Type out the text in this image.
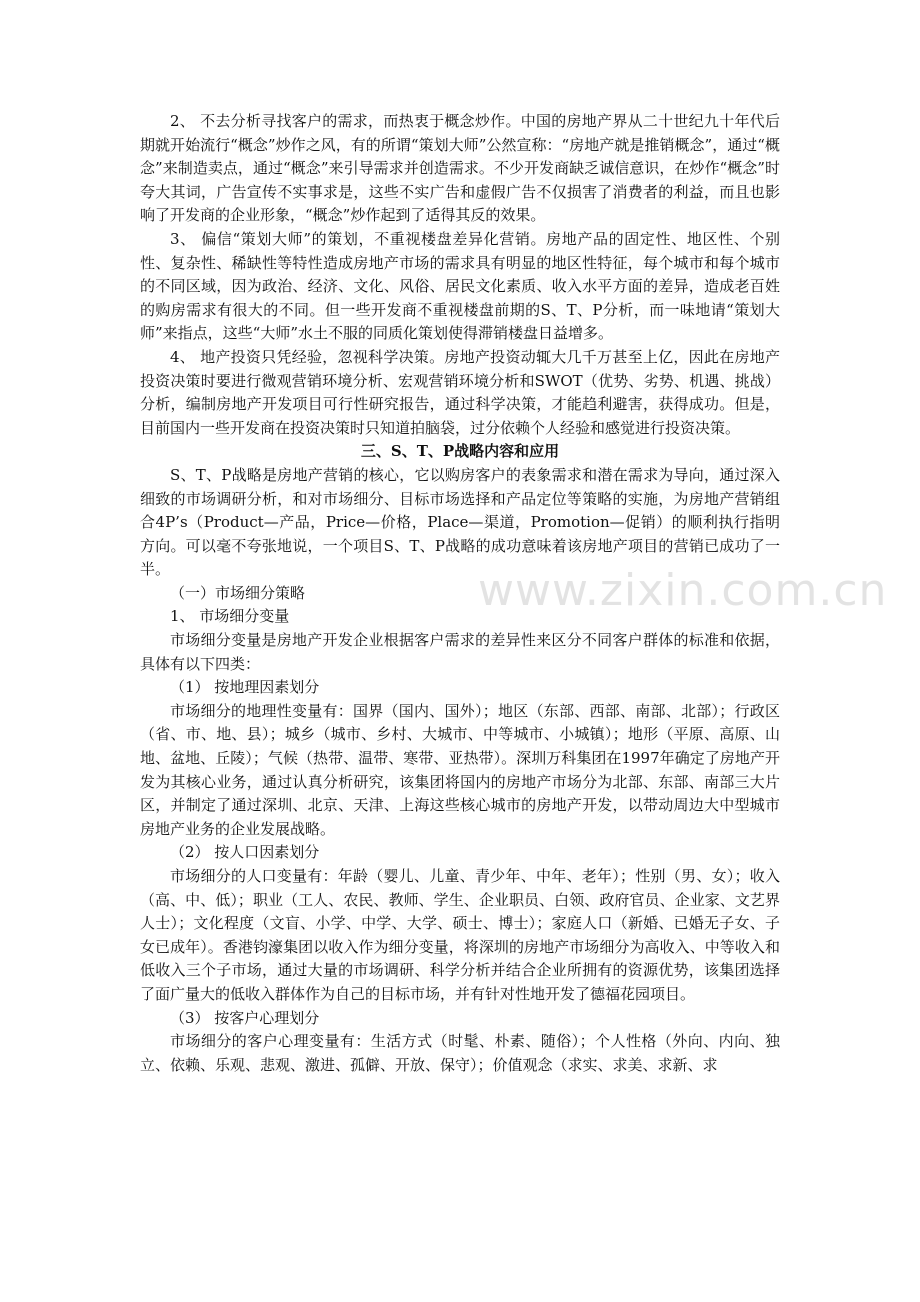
2、 不去分析寻找客户的需求，而热衷于概念炒作。中国的房地产界从二十世纪九十年代后期就开始流行“概念”炒作之风，有的所谓“策划大师”公然宣称：“房地产就是推销概念”，通过“概念”来制造卖点，通过“概念”来引导需求并创造需求。不少开发商缺乏诚信意识，在炒作“概念”时夸大其词，广告宣传不实事求是，这些不实广告和虚假广告不仅损害了消费者的利益，而且也影响了开发商的企业形象，“概念”炒作起到了适得其反的效果。

3、 偏信“策划大师”的策划，不重视楼盘差异化营销。房地产品的固定性、地区性、个别性、复杂性、稀缺性等特性造成房地产市场的需求具有明显的地区性特征，每个城市和每个城市的不同区域，因为政治、经济、文化、风俗、居民文化素质、收入水平方面的差异，造成老百姓的购房需求有很大的不同。但一些开发商不重视楼盘前期的S、T、P分析，而一味地请“策划大师”来指点，这些“大师”水土不服的同质化策划使得滞销楼盘日益增多。

4、 地产投资只凭经验，忽视科学决策。房地产投资动辄大几千万甚至上亿，因此在房地产投资决策时要进行微观营销环境分析、宏观营销环境分析和SWOT（优势、劣势、机遇、挑战）分析，编制房地产开发项目可行性研究报告，通过科学决策，才能趋利避害，获得成功。但是，目前国内一些开发商在投资决策时只知道拍脑袋，过分依赖个人经验和感觉进行投资决策。

三、S、T、P战略内容和应用

S、T、P战略是房地产营销的核心，它以购房客户的表象需求和潜在需求为导向，通过深入细致的市场调研分析，和对市场细分、目标市场选择和产品定位等策略的实施，为房地产营销组合4P’s（Product—产品，Price—价格，Place—渠道，Promotion—促销）的顺利执行指明方向。可以毫不夸张地说，一个项目S、T、P战略的成功意味着该房地产项目的营销已成功了一半。

（一）市场细分策略

1、 市场细分变量

市场细分变量是房地产开发企业根据客户需求的差异性来区分不同客户群体的标准和依据，具体有以下四类：

（1） 按地理因素划分

市场细分的地理性变量有：国界（国内、国外）；地区（东部、西部、南部、北部）；行政区（省、市、地、县）；城乡（城市、乡村、大城市、中等城市、小城镇）；地形（平原、高原、山地、盆地、丘陵）；气候（热带、温带、寒带、亚热带）。深圳万科集团在1997年确定了房地产开发为其核心业务，通过认真分析研究，该集团将国内的房地产市场分为北部、东部、南部三大片区，并制定了通过深圳、北京、天津、上海这些核心城市的房地产开发，以带动周边大中型城市房地产业务的企业发展战略。

（2） 按人口因素划分

市场细分的人口变量有：年龄（婴儿、儿童、青少年、中年、老年）；性别（男、女）；收入（高、中、低）；职业（工人、农民、教师、学生、企业职员、白领、政府官员、企业家、文艺界人士）；文化程度（文盲、小学、中学、大学、硕士、博士）；家庭人口（新婚、已婚无子女、子女已成年）。香港钧濠集团以收入作为细分变量，将深圳的房地产市场细分为高收入、中等收入和低收入三个子市场，通过大量的市场调研、科学分析并结合企业所拥有的资源优势，该集团选择了面广量大的低收入群体作为自己的目标市场，并有针对性地开发了德福花园项目。

（3） 按客户心理划分

市场细分的客户心理变量有：生活方式（时髦、朴素、随俗）；个人性格（外向、内向、独立、依赖、乐观、悲观、激进、孤僻、开放、保守）；价值观念（求实、求美、求新、求

www.zixin.com.cn
